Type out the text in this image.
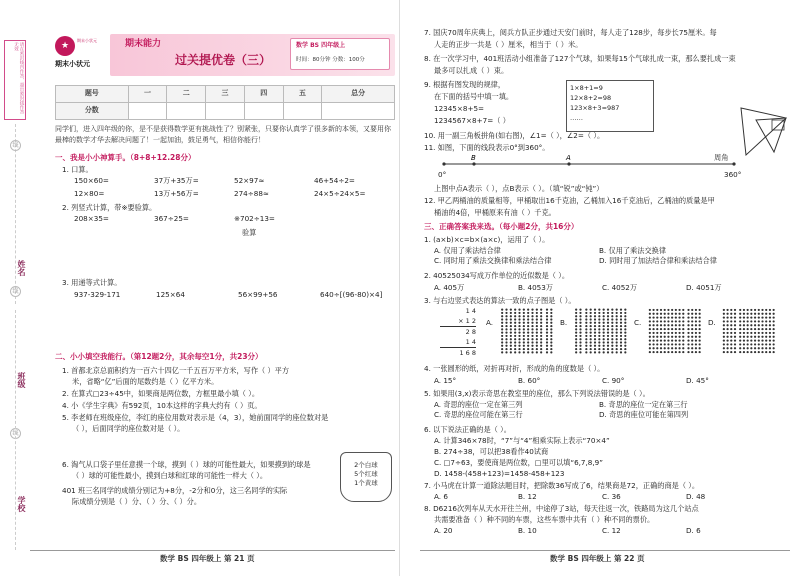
请在密封线内作答，超出密封线作答无效
线
姓名
线
班级
线
学校
★
期末小状元
期末小状元
期末能力
过关提优卷（三）
数学 BS 四年级上
时间：80分钟 分数：100分
题号	一	二	三	四	五	总分
分数						
同学们，进入四年级的你，是不是获得数学更有挑战性了？别紧张，只要你认真学了很多新的本领，又要用你最棒的数学才华去解决问题了！一起加油，鼓足勇气，相信你能行！
一、我是小小神算手。（8+8+12.28分）
1. 口算。
150×60=	37万+35万=	52×97≈	46+54÷2=
12×80=	13万+56万=	274÷88≈	24×5÷24×5=
2. 列竖式计算，带※要验算。
208×35=	367÷25=	※702÷13=
验算
3. 用递等式计算。
937-329-171	125×64	56×99+56	640÷[(96-80)×4]
二、小小填空我能行。（第12题2分，其余每空1分，共23分）
1. 首都北京总面积约为一百六十四亿一千五百万平方米，写作（ ）平方
米，省略“亿”后面的尾数约是（ ）亿平方米。
2. 在算式□23÷45中，如果商是两位数，方框里最小填（ ）。
4. 小《学生字典》有592页，10本这样的字典大约有（ ）页。
5. 李老师在班级座位，李红的座位用数对表示是（4，3），她前面同学的座位数对是
（ ），后面同学的座位数对是（ ）。
6. 淘气从口袋子里任意摸一个球，摸到（ ）球的可能性最大，如果摸到的球是
（ ）球的可能性最小，摸到白球和红球的可能性一样大（ ）。
401 班三名同学的成绩分别记为+8分，-2分和0分，这三名同学的实际
际成绩分别是（ ）分、（ ）分、（ ）分。
2个白球
5个红球
1个黄球
数学 BS 四年级上 第 21 页
7. 国庆70周年庆典上，阅兵方队正步通过天安门前时，每人走了128步，每步长75厘米。每
人走的正步一共是（ ）厘米，相当于（ ）米。
8. 在一次学习中，401班活动小组准备了127个气球，如果每15个气球扎成一束，那么要扎成一束
最多可以扎成（ ）束。
9. 根据有图发现的规律，
在下面的括号中填一填。
12345×8+5=
1234567×8+7=（ ）
1×8+1=9
12×8+2=98
123×8+3=987
……
10. 用一副三角板拼角(如右图)，∠1=（ ），∠2=（ ）。
11. 如图，下面的线段表示0°到360°。
B	A
0°
周角
360°
上图中点A表示（ ），点B表示（ ）。（填“锐”或“钝”）
12. 甲乙两桶油的质量相等，甲桶取出16千克油，乙桶加入16千克油后，乙桶油的质量是甲
桶油的4倍，甲桶原来有油（ ）千克。
三、正确答案我来选。（每小题2分，共16分）
1. (a×b)×c=b×(a×c)，运用了（ ）。
A. 仅用了乘法结合律	B. 仅用了乘法交换律
C. 同时用了乘法交换律和乘法结合律	D. 同时用了加法结合律和乘法结合律
2. 40525034写成万作单位的近似数是（ ）。
A. 405万	B. 4053万	C. 4052万	D. 4051万
3. 与右边竖式表达的算法一致的点子图是（ ）。
1 4
× 1 2
2 8
1 4
1 6 8
A.	B.	C.	D.
4. 一张圆形的纸，对折再对折，形成的角的度数是（ ）。
A. 15°	B. 60°	C. 90°	D. 45°
5. 如果用(3,x)表示奇思在教室里的座位，那么下列说法错误的是（ ）。
A. 奇思的座位一定在第三列	B. 奇思的座位一定在第三行
C. 奇思的座位可能在第三行	D. 奇思的座位可能在第四列
6. 以下说法正确的是（ ）。
A. 计算346×78时，“7”与“4”相乘实际上表示“70×4”
B. 274÷38，可以把38看作40试商
C. □7÷63，要使商是两位数，□里可以填“6,7,8,9”
D. 1458-(458+123)=1458-458+123
7. 小马虎在计算一道除法题目时，把除数36写成了6，结果商是72，正确的商是（ ）。
A. 6	B. 12	C. 36	D. 48
8. D6216次列车从天水开往兰州，中途停了3站，每天往返一次，铁路局为这几个站点
共需要准备（ ）种不同的车票，这些车票中共有（ ）种不同的票价。
A. 20	B. 10	C. 12	D. 6
数学 BS 四年级上 第 22 页
